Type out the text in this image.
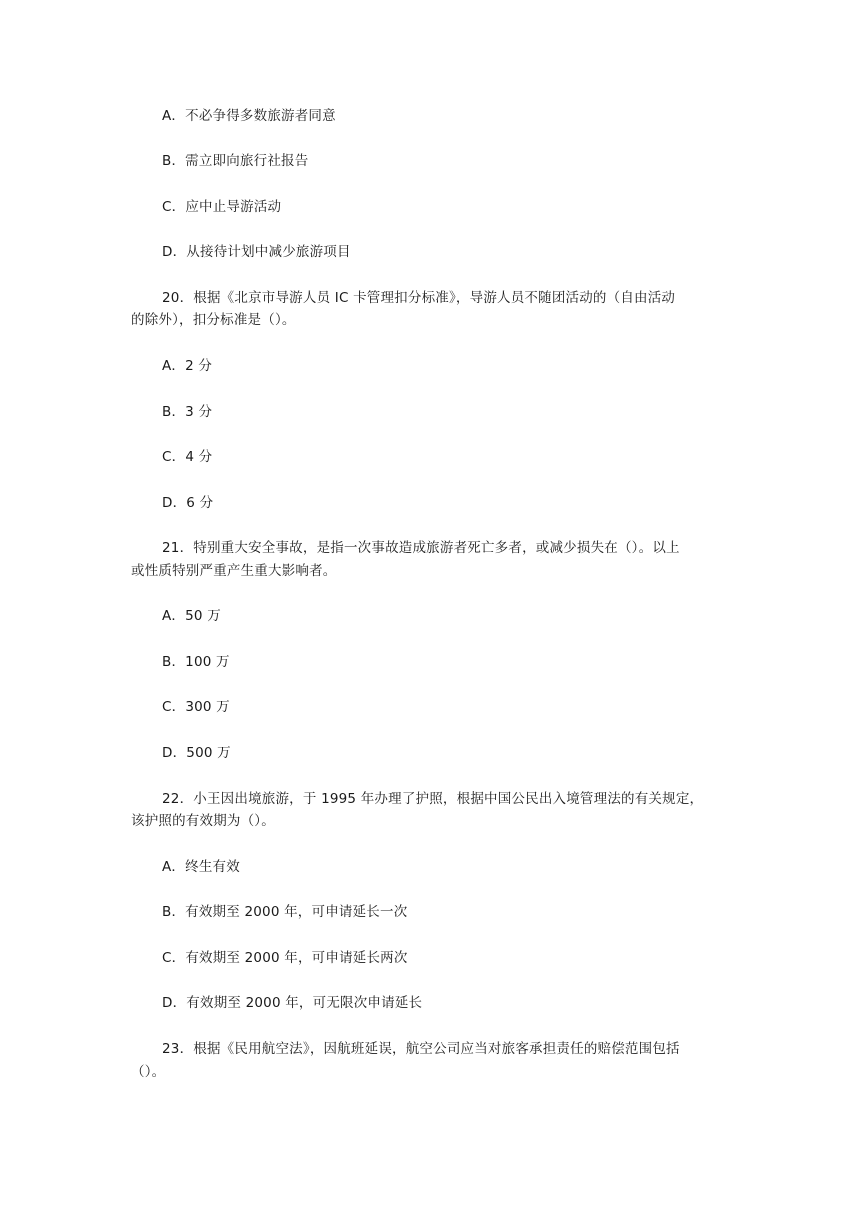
A．不必争得多数旅游者同意
B．需立即向旅行社报告
C．应中止导游活动
D．从接待计划中减少旅游项目
20．根据《北京市导游人员 IC 卡管理扣分标准》，导游人员不随团活动的（自由活动
的除外），扣分标准是（）。
A．2 分
B．3 分
C．4 分
D．6 分
21．特别重大安全事故，是指一次事故造成旅游者死亡多者，或减少损失在（）。以上
或性质特别严重产生重大影响者。
A．50 万
B．100 万
C．300 万
D．500 万
22．小王因出境旅游，于 1995 年办理了护照，根据中国公民出入境管理法的有关规定，
该护照的有效期为（）。
A．终生有效
B．有效期至 2000 年，可申请延长一次
C．有效期至 2000 年，可申请延长两次
D．有效期至 2000 年，可无限次申请延长
23．根据《民用航空法》，因航班延误，航空公司应当对旅客承担责任的赔偿范围包括
（）。
